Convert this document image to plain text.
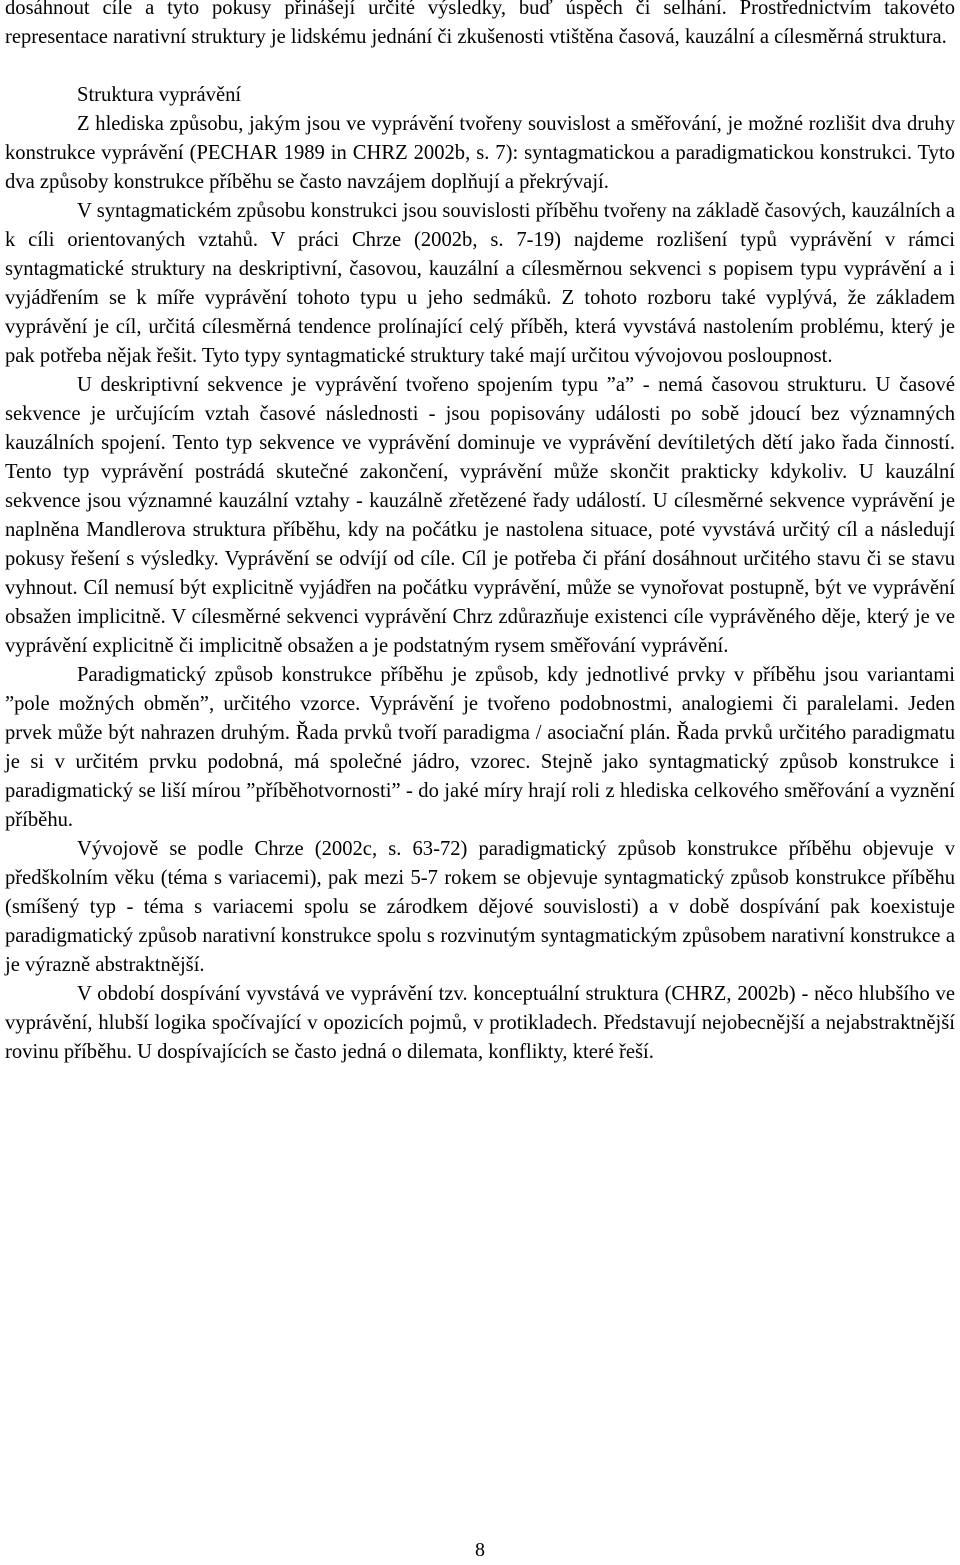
dosáhnout cíle a tyto pokusy přinášejí určité výsledky, buď úspěch či selhání. Prostřednictvím takovéto representace narativní struktury je lidskému jednání či zkušenosti vtištěna časová, kauzální a cílesměrná struktura.

Struktura vyprávění

Z hlediska způsobu, jakým jsou ve vyprávění tvořeny souvislost a směřování, je možné rozlišit dva druhy konstrukce vyprávění (PECHAR 1989 in CHRZ 2002b, s. 7): syntagmatickou a paradigmatickou konstrukci. Tyto dva způsoby konstrukce příběhu se často navzájem doplňují a překrývají.

V syntagmatickém způsobu konstrukci jsou souvislosti příběhu tvořeny na základě časových, kauzálních a k cíli orientovaných vztahů. V práci Chrze (2002b, s. 7-19) najdeme rozlišení typů vyprávění v rámci syntagmatické struktury na deskriptivní, časovou, kauzální a cílesměrnou sekvenci s popisem typu vyprávění a i vyjádřením se k míře vyprávění tohoto typu u jeho sedmáků. Z tohoto rozboru také vyplývá, že základem vyprávění je cíl, určitá cílesměrná tendence prolínající celý příběh, která vyvstává nastolením problému, který je pak potřeba nějak řešit. Tyto typy syntagmatické struktury také mají určitou vývojovou posloupnost.

U deskriptivní sekvence je vyprávění tvořeno spojením typu ”a” - nemá časovou strukturu. U časové sekvence je určujícím vztah časové následnosti - jsou popisovány události po sobě jdoucí bez významných kauzálních spojení. Tento typ sekvence ve vyprávění dominuje ve vyprávění devítiletých dětí jako řada činností. Tento typ vyprávění postrádá skutečné zakončení, vyprávění může skončit prakticky kdykoliv. U kauzální sekvence jsou významné kauzální vztahy - kauzálně zřetězené řady událostí. U cílesměrné sekvence vyprávění je naplněna Mandlerova struktura příběhu, kdy na počátku je nastolena situace, poté vyvstává určitý cíl a následují pokusy řešení s výsledky. Vyprávění se odvíjí od cíle. Cíl je potřeba či přání dosáhnout určitého stavu či se stavu vyhnout. Cíl nemusí být explicitně vyjádřen na počátku vyprávění, může se vynořovat postupně, být ve vyprávění obsažen implicitně. V cílesměrné sekvenci vyprávění Chrz zdůrazňuje existenci cíle vyprávěného děje, který je ve vyprávění explicitně či implicitně obsažen a je podstatným rysem směřování vyprávění.

Paradigmatický způsob konstrukce příběhu je způsob, kdy jednotlivé prvky v příběhu jsou variantami ”pole možných obměn”, určitého vzorce. Vyprávění je tvořeno podobnostmi, analogiemi či paralelami. Jeden prvek může být nahrazen druhým. Řada prvků tvoří paradigma / asociační plán. Řada prvků určitého paradigmatu je si v určitém prvku podobná, má společné jádro, vzorec. Stejně jako syntagmatický způsob konstrukce i paradigmatický se liší mírou ”příběhotvornosti” - do jaké míry hrají roli z hlediska celkového směřování a vyznění příběhu.

Vývojově se podle Chrze (2002c, s. 63-72) paradigmatický způsob konstrukce příběhu objevuje v předškolním věku (téma s variacemi), pak mezi 5-7 rokem se objevuje syntagmatický způsob konstrukce příběhu (smíšený typ - téma s variacemi spolu se zárodkem dějové souvislosti) a v době dospívání pak koexistuje paradigmatický způsob narativní konstrukce spolu s rozvinutým syntagmatickým způsobem narativní konstrukce a je výrazně abstraktnější.

V období dospívání vyvstává ve vyprávění tzv. konceptuální struktura (CHRZ, 2002b) - něco hlubšího ve vyprávění, hlubší logika spočívající v opozicích pojmů, v protikladech. Představují nejobecnější a nejabstraktnější rovinu příběhu. U dospívajících se často jedná o dilemata, konflikty, které řeší.

8
